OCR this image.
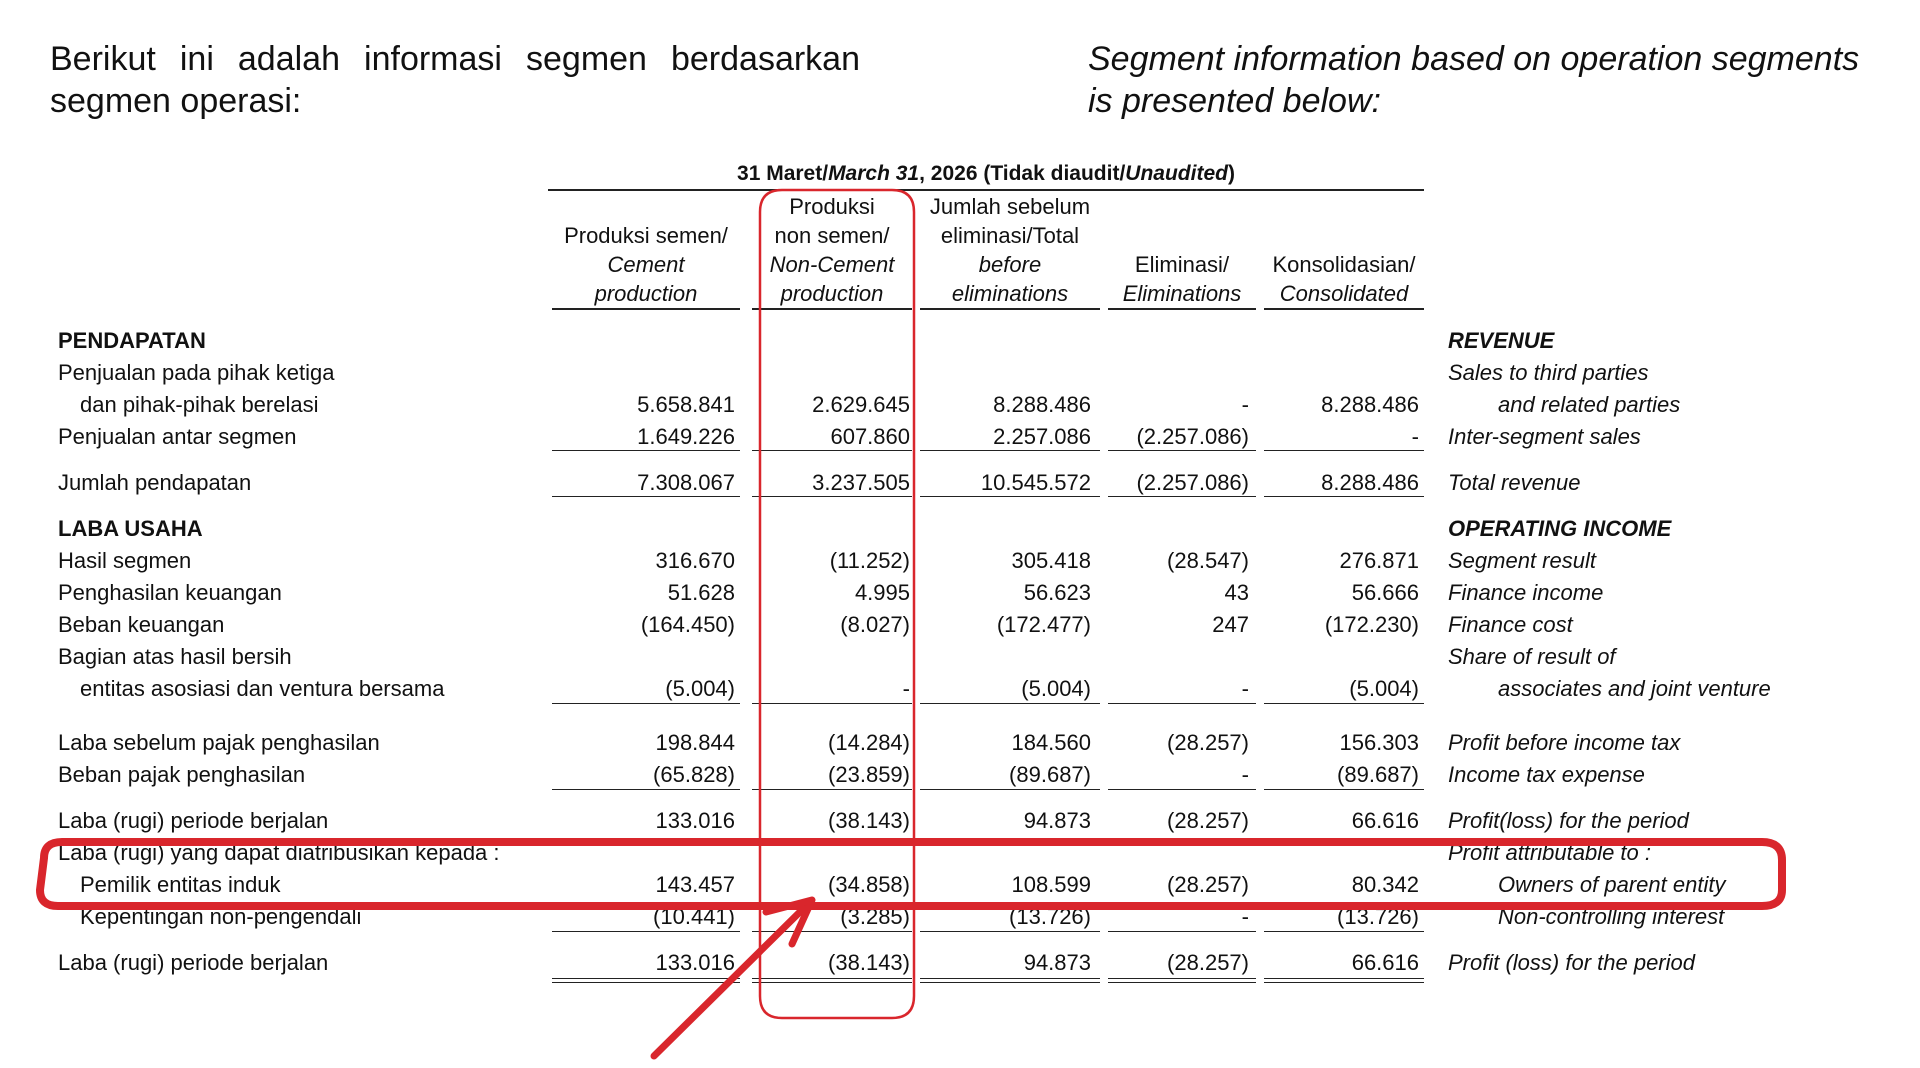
Berikut ini adalah informasi segmen berdasarkan segmen operasi:
Segment information based on operation segments is presented below:
31 Maret/March 31, 2026 (Tidak diaudit/Unaudited)
Produksi semen/
Cement
production
Produksi
non semen/
Non-Cement
production
Jumlah sebelum
eliminasi/Total
before
eliminations
Eliminasi/
Eliminations
Konsolidasian/
Consolidated
PENDAPATAN	REVENUE
Penjualan pada pihak ketiga	Sales to third parties
dan pihak-pihak berelasi	5.658.841	2.629.645	8.288.486	-	8.288.486	and related parties
Penjualan antar segmen	1.649.226	607.860	2.257.086	(2.257.086)	- Inter-segment sales
Jumlah pendapatan	7.308.067	3.237.505	10.545.572	(2.257.086)	8.288.486 Total revenue
LABA USAHA	OPERATING INCOME
Hasil segmen	316.670	(11.252)	305.418	(28.547)	276.871 Segment result
Penghasilan keuangan	51.628	4.995	56.623	43	56.666 Finance income
Beban keuangan	(164.450)	(8.027)	(172.477)	247	(172.230) Finance cost
Bagian atas hasil bersih	Share of result of
entitas asosiasi dan ventura bersama	(5.004)	-	(5.004)	-	(5.004)	associates and joint venture
Laba sebelum pajak penghasilan	198.844	(14.284)	184.560	(28.257)	156.303 Profit before income tax
Beban pajak penghasilan	(65.828)	(23.859)	(89.687)	-	(89.687) Income tax expense
Laba (rugi) periode berjalan	133.016	(38.143)	94.873	(28.257)	66.616 Profit(loss) for the period
Laba (rugi) yang dapat diatribusikan kepada :	Profit attributable to :
Pemilik entitas induk	143.457	(34.858)	108.599	(28.257)	80.342	Owners of parent entity
Kepentingan non-pengendali	(10.441)	(3.285)	(13.726)	-	(13.726)	Non-controlling interest
Laba (rugi) periode berjalan	133.016	(38.143)	94.873	(28.257)	66.616 Profit (loss) for the period
